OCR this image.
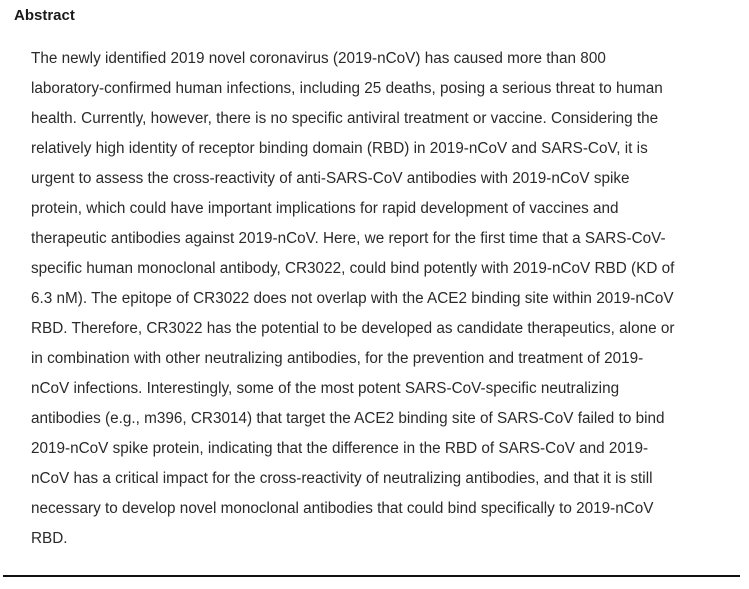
Abstract

The newly identified 2019 novel coronavirus (2019-nCoV) has caused more than 800
laboratory-confirmed human infections, including 25 deaths, posing a serious threat to human
health. Currently, however, there is no specific antiviral treatment or vaccine. Considering the
relatively high identity of receptor binding domain (RBD) in 2019-nCoV and SARS-CoV, it is
urgent to assess the cross-reactivity of anti-SARS-CoV antibodies with 2019-nCoV spike
protein, which could have important implications for rapid development of vaccines and
therapeutic antibodies against 2019-nCoV. Here, we report for the first time that a SARS-CoV-
specific human monoclonal antibody, CR3022, could bind potently with 2019-nCoV RBD (KD of
6.3 nM). The epitope of CR3022 does not overlap with the ACE2 binding site within 2019-nCoV
RBD. Therefore, CR3022 has the potential to be developed as candidate therapeutics, alone or
in combination with other neutralizing antibodies, for the prevention and treatment of 2019-
nCoV infections. Interestingly, some of the most potent SARS-CoV-specific neutralizing
antibodies (e.g., m396, CR3014) that target the ACE2 binding site of SARS-CoV failed to bind
2019-nCoV spike protein, indicating that the difference in the RBD of SARS-CoV and 2019-
nCoV has a critical impact for the cross-reactivity of neutralizing antibodies, and that it is still
necessary to develop novel monoclonal antibodies that could bind specifically to 2019-nCoV
RBD.
